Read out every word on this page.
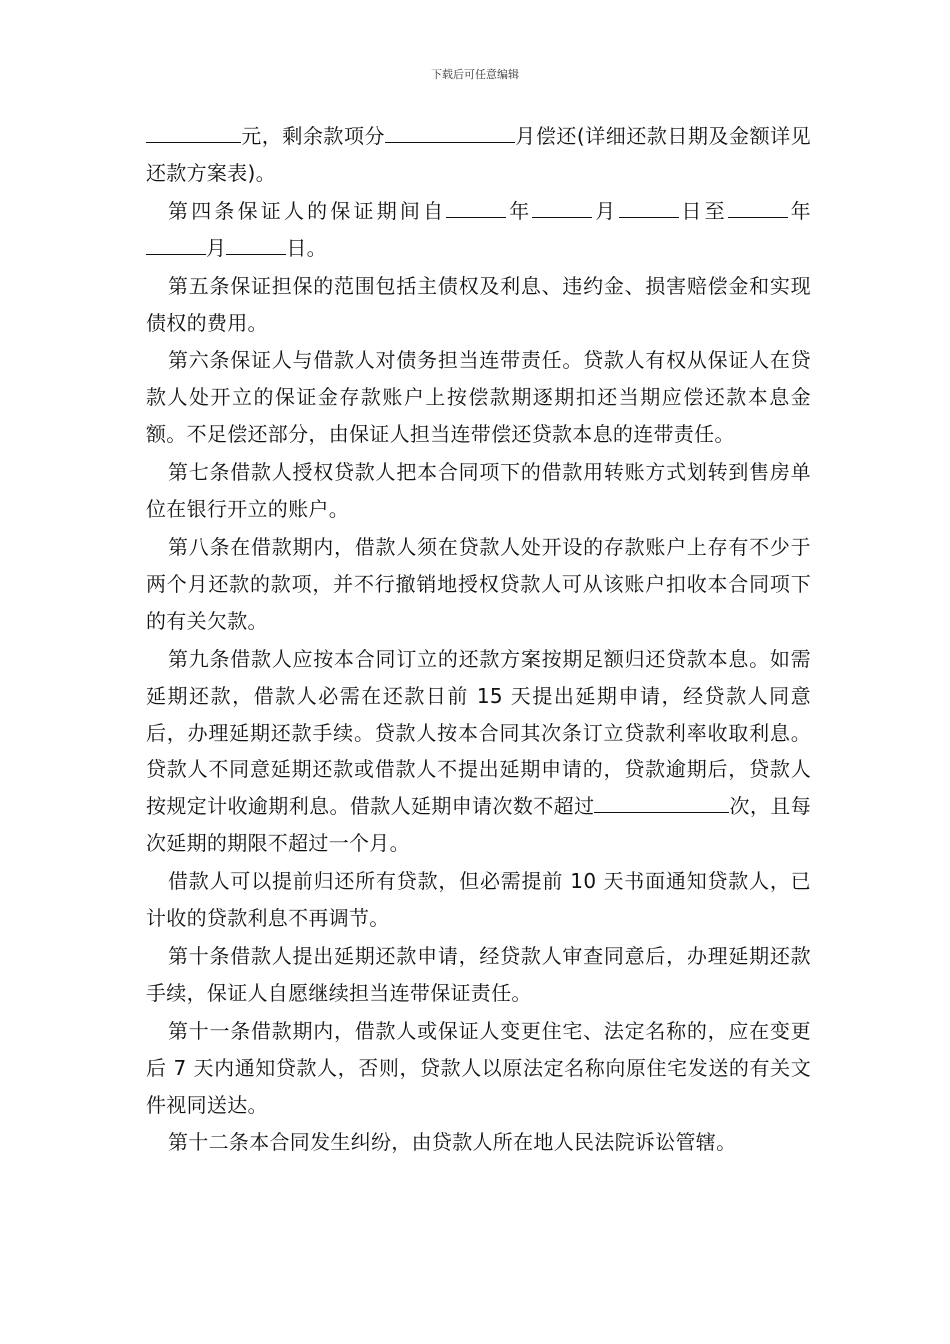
下载后可任意编辑

元，剩余款项分	月偿还(详细还款日期及金额详见还款方案表)。

第四条保证人的保证期间自	年	月	日至	年月	日。

第五条保证担保的范围包括主债权及利息、违约金、损害赔偿金和实现债权的费用。

第六条保证人与借款人对债务担当连带责任。贷款人有权从保证人在贷款人处开立的保证金存款账户上按偿款期逐期扣还当期应偿还款本息金额。不足偿还部分，由保证人担当连带偿还贷款本息的连带责任。

第七条借款人授权贷款人把本合同项下的借款用转账方式划转到售房单位在银行开立的账户。

第八条在借款期内，借款人须在贷款人处开设的存款账户上存有不少于两个月还款的款项，并不行撤销地授权贷款人可从该账户扣收本合同项下的有关欠款。

第九条借款人应按本合同订立的还款方案按期足额归还贷款本息。如需延期还款，借款人必需在还款日前 15 天提出延期申请，经贷款人同意后，办理延期还款手续。贷款人按本合同其次条订立贷款利率收取利息。贷款人不同意延期还款或借款人不提出延期申请的，贷款逾期后，贷款人按规定计收逾期利息。借款人延期申请次数不超过	次，且每次延期的期限不超过一个月。

借款人可以提前归还所有贷款，但必需提前 10 天书面通知贷款人，已计收的贷款利息不再调节。

第十条借款人提出延期还款申请，经贷款人审查同意后，办理延期还款手续，保证人自愿继续担当连带保证责任。

第十一条借款期内，借款人或保证人变更住宅、法定名称的，应在变更后 7 天内通知贷款人，否则，贷款人以原法定名称向原住宅发送的有关文件视同送达。

第十二条本合同发生纠纷，由贷款人所在地人民法院诉讼管辖。
